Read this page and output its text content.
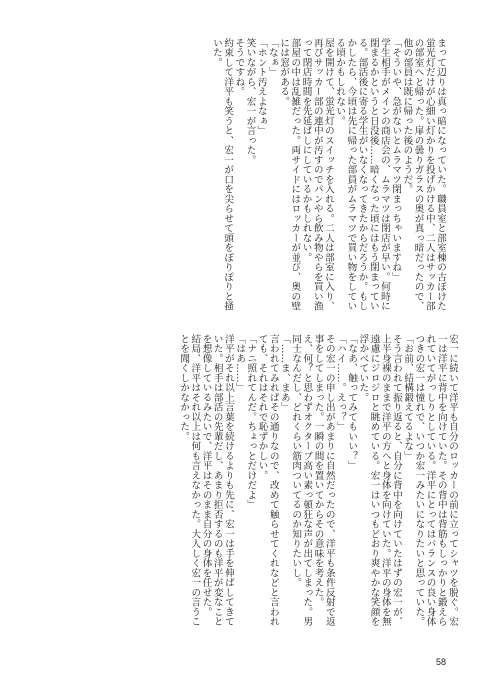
まって辺りは真っ暗になっていた。職員室と部室棟の古ぼけた蛍光灯だけが心細い灯かりを投げかける中、二人はサッカー部の部室へと帰った。扉の曇りガラスの奥が真っ暗だったので、他の部員は既に帰った後のようだ。
「そういや、急がないとムラマツ閉まっちゃいますね」
学生相手がメインの商店会の、ムラマツは閉店が早い。何時に閉まるかというと日没後……暗くなった頃にはもう閉まっている。部活後に寄る学生がいなくなってきたからだろうか。もしかしたら、今頃は先に帰った部員がムラマツで買い物をしている頃かもしれない。
屋を開けて、蛍光灯のスイッチを入れる。二人は部室に入り、再びサッカー部の連中が汚すのでパンやら飲み物やらを買い漁って閉店時間を先延ばしにしているかもしれない。
部屋の中は乱雑だった。両サイドにはロッカーが並び、奥の壁には窓がある。
「なぁ」
「ホント汚えよなぁ」
笑いながら、宏一が言った。
そうですね。
約束して洋平も笑うと、宏一が口を尖らせて頭をぽりぽりと掻いた。
宏一に続いて洋平も自分のロッカーの前に立ってシャツを脱ぐ。宏一は洋平に背中を向けていた。その背中は背筋もしっかりと鍛えられていてがっしりとしている。洋平にとってはバランスの良い身体つきの宏一は憧れで、いつか宏一みたいになりたいと思っていた。
「お前、結構鍛えてるよな」
そう言われて振り返ると、自分に背中を向けていたはずの宏一が、上半身裸のままで洋平の方へと身体を向けていた。洋平の身体を無遠慮にジロジロと眺めている。宏一はいつもどおり爽やかな笑顔を浮かべていた。
「なあ、触ってみてもいい？」
「ハイ……。えっ？」
その宏一の申し出があまりに自然だったので、洋平も条件反射で返事をしてしまった。一瞬の間を置いてからその意味を考えた。
え、何？と思わずオクターブ高い素っ頓狂な声が出てしまった。男同士なんだし、どれくらい筋肉ついてるのか知りたいし。
「……ま、まあ」
言われてみればその通りなので、改めて触らせてくれなどと言われても、それはそれで恥ずかしい。
「ナニ照れてんだ。ちょっとだけだよ」
「はあ……」
洋平がそれ以上言葉を続けるよりも先に、宏一は手を伸ばしてきていた。相手は部活の先輩だし、あまり拒否するのも洋平が変なことを想像しているみたいで、洋平はそのまま自分の身体を任せた。
結局、洋平はそれ以上は何も言えなかった。大人しく宏一の言うことを聞くしかなかった。
58
